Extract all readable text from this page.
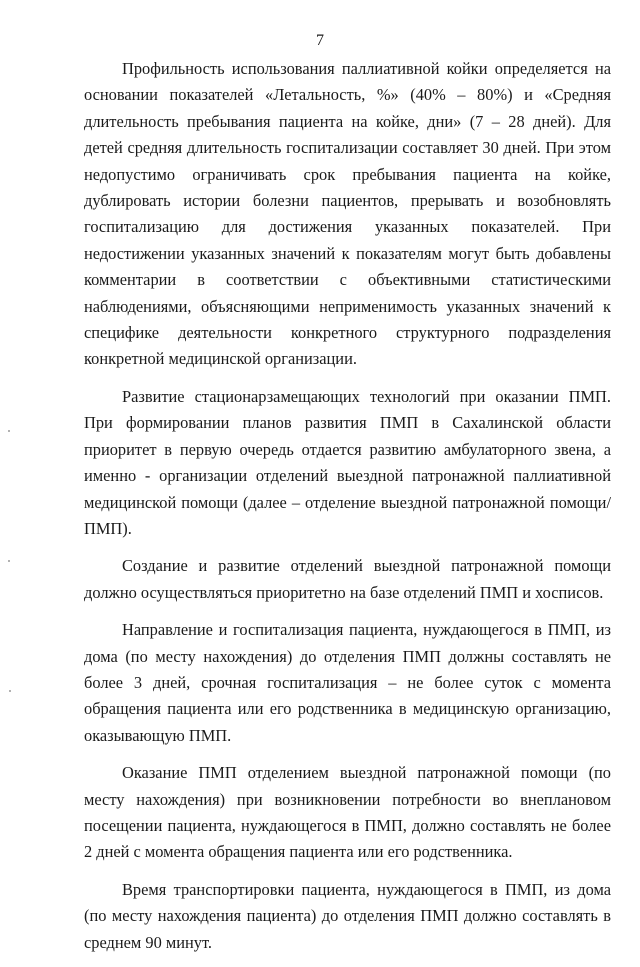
7

Профильность использования паллиативной койки определяется на основании показателей «Летальность, %» (40% – 80%) и «Средняя длительность пребывания пациента на койке, дни» (7 – 28 дней). Для детей средняя длительность госпитализации составляет 30 дней. При этом недопустимо ограничивать срок пребывания пациента на койке, дублировать истории болезни пациентов, прерывать и возобновлять госпитализацию для достижения указанных показателей. При недостижении указанных значений к показателям могут быть добавлены комментарии в соответствии с объективными статистическими наблюдениями, объясняющими неприменимость указанных значений к специфике деятельности конкретного структурного подразделения конкретной медицинской организации.

Развитие стационарзамещающих технологий при оказании ПМП. При формировании планов развития ПМП в Сахалинской области приоритет в первую очередь отдается развитию амбулаторного звена, а именно - организации отделений выездной патронажной паллиативной медицинской помощи (далее – отделение выездной патронажной помощи/ПМП).

Создание и развитие отделений выездной патронажной помощи должно осуществляться приоритетно на базе отделений ПМП и хосписов.

Направление и госпитализация пациента, нуждающегося в ПМП, из дома (по месту нахождения) до отделения ПМП должны составлять не более 3 дней, срочная госпитализация – не более суток с момента обращения пациента или его родственника в медицинскую организацию, оказывающую ПМП.

Оказание ПМП отделением выездной патронажной помощи (по месту нахождения) при возникновении потребности во внеплановом посещении пациента, нуждающегося в ПМП, должно составлять не более 2 дней с момента обращения пациента или его родственника.

Время транспортировки пациента, нуждающегося в ПМП, из дома (по месту нахождения пациента) до отделения ПМП должно составлять в среднем 90 минут.
